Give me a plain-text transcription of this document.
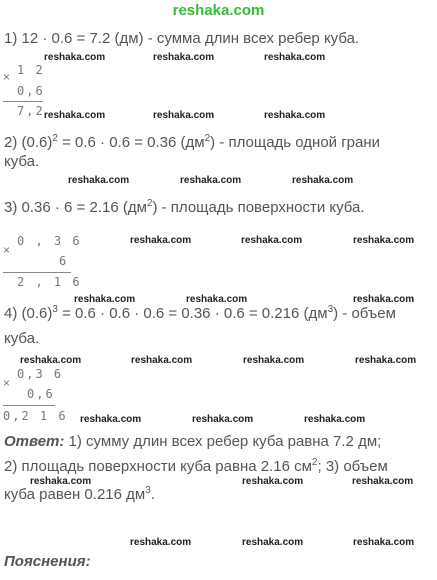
reshaka.com
1) 12 · 0.6 = 7.2 (дм) - сумма длин всех ребер куба.
× 1 2
0,6
7,2
reshaka.com	reshaka.com	reshaka.com
reshaka.com	reshaka.com	reshaka.com
2) $(0.6)^2 = 0.6 \cdot 0.6 = 0.36$ $(дм^2)$ - площадь одной грани
куба.
reshaka.com	reshaka.com	reshaka.com
3) 0.36 · 6 = 2.16 $(дм^2)$ - площадь поверхности куба.
×
0 , 3 6
6
2 , 1 6
reshaka.com	reshaka.com	reshaka.com
reshaka.com	reshaka.com	reshaka.com
4) $(0.6)^3 = 0.6 \cdot 0.6 \cdot 0.6 = 0.36 \cdot 0.6 = 0.216$ $(дм^3)$ - объем
куба.
reshaka.com	reshaka.com	reshaka.com	reshaka.com
×
0,3 6
0,6
0,2 1 6 reshaka.com	reshaka.com	reshaka.com
Ответ: 1) сумму длин всех ребер куба равна 7.2 дм;
2) площадь поверхности куба равна 2.16 $см^2$; 3) объем
куба равен 0.216 $дм^3$.
reshaka.com	reshaka.com	reshaka.com
reshaka.com	reshaka.com	reshaka.com
Пояснения:
